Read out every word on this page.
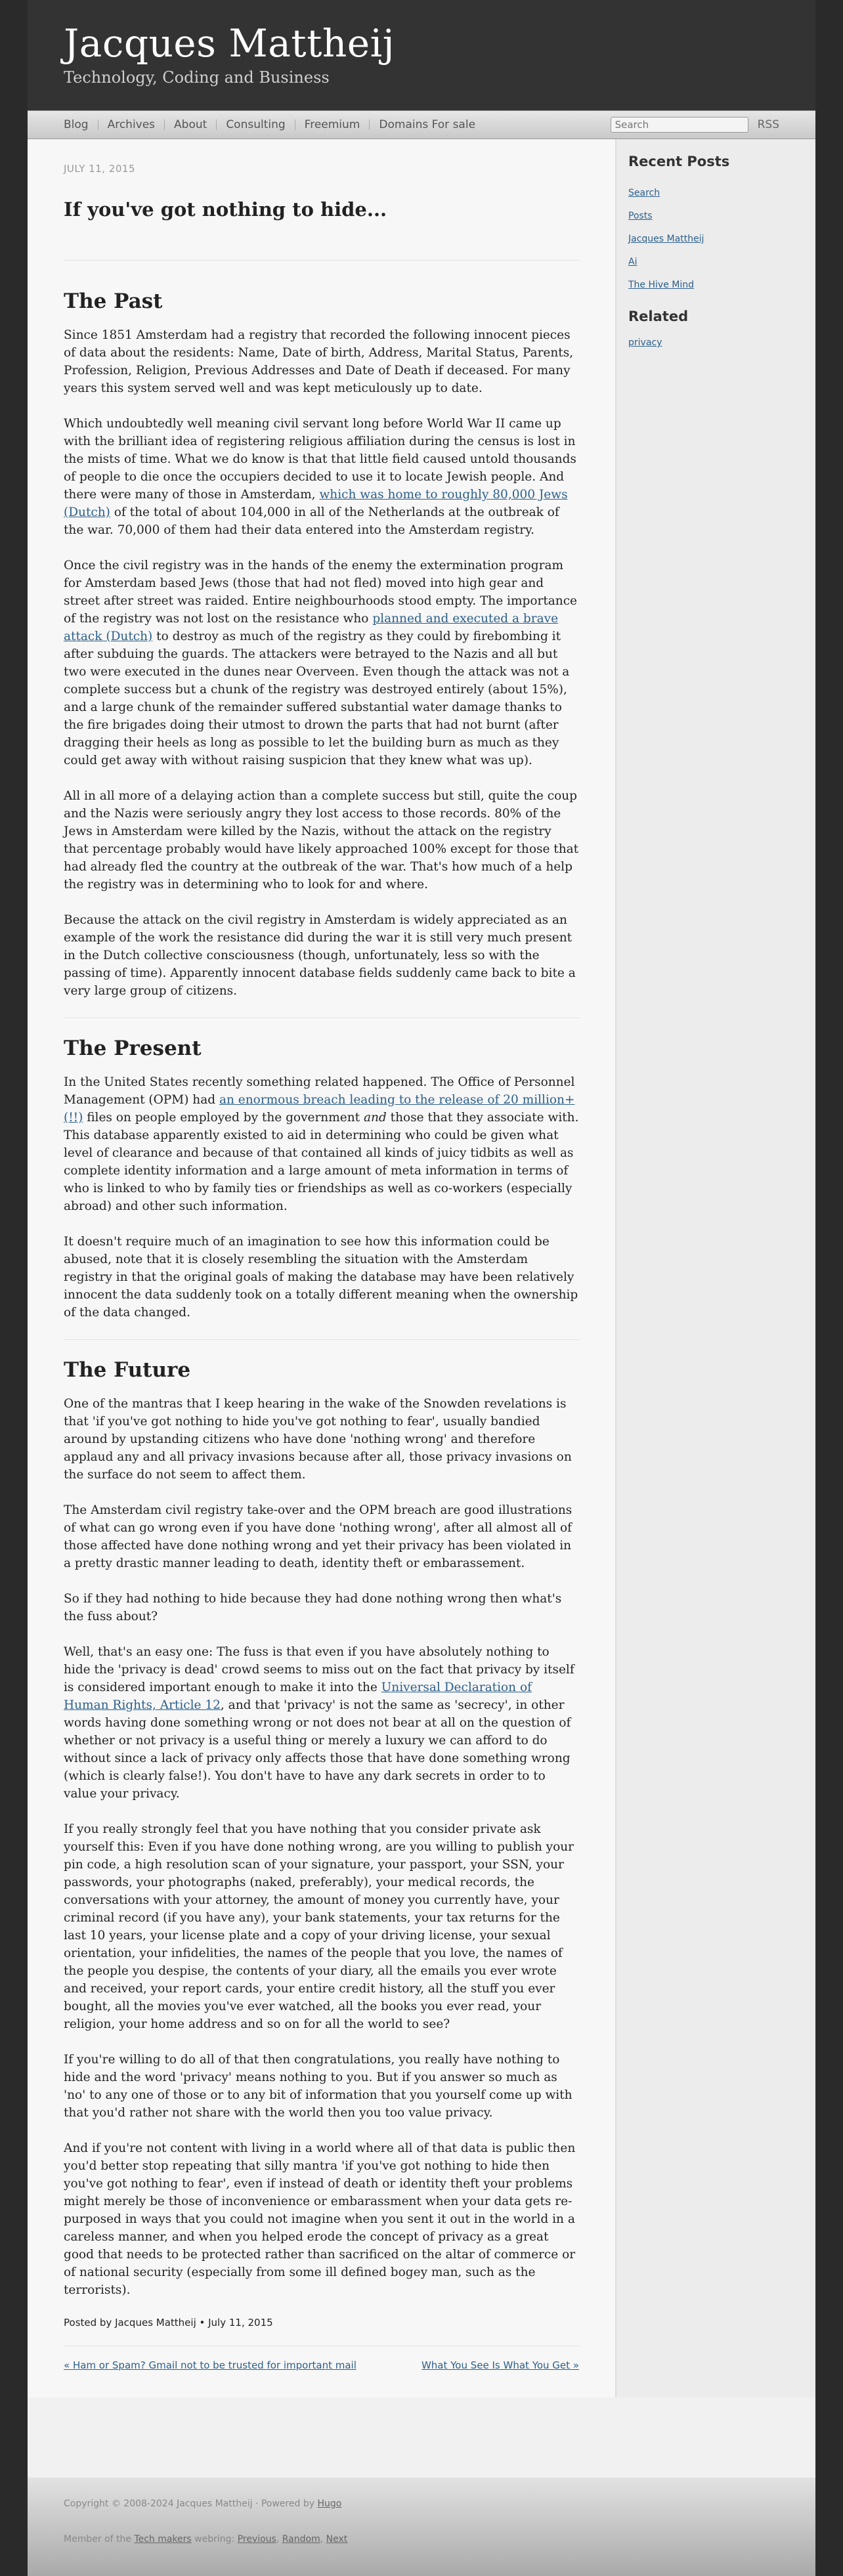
Jacques Mattheij
Technology, Coding and Business
Blog	Archives	About	Consulting	Freemium	Domains For sale
Search	RSS
JULY 11, 2015
If you've got nothing to hide...
The Past

Since 1851 Amsterdam had a registry that recorded the following innocent pieces of data about the residents: Name, Date of birth, Address, Marital Status, Parents, Profession, Religion, Previous Addresses and Date of Death if deceased. For many years this system served well and was kept meticulously up to date.

Which undoubtedly well meaning civil servant long before World War II came up with the brilliant idea of registering religious affiliation during the census is lost in the mists of time. What we do know is that that little field caused untold thousands of people to die once the occupiers decided to use it to locate Jewish people. And there were many of those in Amsterdam, which was home to roughly 80,000 Jews (Dutch) of the total of about 104,000 in all of the Netherlands at the outbreak of the war. 70,000 of them had their data entered into the Amsterdam registry.

Once the civil registry was in the hands of the enemy the extermination program for Amsterdam based Jews (those that had not fled) moved into high gear and street after street was raided. Entire neighbourhoods stood empty. The importance of the registry was not lost on the resistance who planned and executed a brave attack (Dutch) to destroy as much of the registry as they could by firebombing it after subduing the guards. The attackers were betrayed to the Nazis and all but two were executed in the dunes near Overveen. Even though the attack was not a complete success but a chunk of the registry was destroyed entirely (about 15%), and a large chunk of the remainder suffered substantial water damage thanks to the fire brigades doing their utmost to drown the parts that had not burnt (after dragging their heels as long as possible to let the building burn as much as they could get away with without raising suspicion that they knew what was up).

All in all more of a delaying action than a complete success but still, quite the coup and the Nazis were seriously angry they lost access to those records. 80% of the Jews in Amsterdam were killed by the Nazis, without the attack on the registry that percentage probably would have likely approached 100% except for those that had already fled the country at the outbreak of the war. That's how much of a help the registry was in determining who to look for and where.

Because the attack on the civil registry in Amsterdam is widely appreciated as an example of the work the resistance did during the war it is still very much present in the Dutch collective consciousness (though, unfortunately, less so with the passing of time). Apparently innocent database fields suddenly came back to bite a very large group of citizens.

The Present

In the United States recently something related happened. The Office of Personnel Management (OPM) had an enormous breach leading to the release of 20 million+ (!!) files on people employed by the government and those that they associate with. This database apparently existed to aid in determining who could be given what level of clearance and because of that contained all kinds of juicy tidbits as well as complete identity information and a large amount of meta information in terms of who is linked to who by family ties or friendships as well as co-workers (especially abroad) and other such information.

It doesn't require much of an imagination to see how this information could be abused, note that it is closely resembling the situation with the Amsterdam registry in that the original goals of making the database may have been relatively innocent the data suddenly took on a totally different meaning when the ownership of the data changed.

The Future

One of the mantras that I keep hearing in the wake of the Snowden revelations is that 'if you've got nothing to hide you've got nothing to fear', usually bandied around by upstanding citizens who have done 'nothing wrong' and therefore applaud any and all privacy invasions because after all, those privacy invasions on the surface do not seem to affect them.

The Amsterdam civil registry take-over and the OPM breach are good illustrations of what can go wrong even if you have done 'nothing wrong', after all almost all of those affected have done nothing wrong and yet their privacy has been violated in a pretty drastic manner leading to death, identity theft or embarassement.

So if they had nothing to hide because they had done nothing wrong then what's the fuss about?

Well, that's an easy one: The fuss is that even if you have absolutely nothing to hide the 'privacy is dead' crowd seems to miss out on the fact that privacy by itself is considered important enough to make it into the Universal Declaration of Human Rights, Article 12, and that 'privacy' is not the same as 'secrecy', in other words having done something wrong or not does not bear at all on the question of whether or not privacy is a useful thing or merely a luxury we can afford to do without since a lack of privacy only affects those that have done something wrong (which is clearly false!). You don't have to have any dark secrets in order to to value your privacy.

If you really strongly feel that you have nothing that you consider private ask yourself this: Even if you have done nothing wrong, are you willing to publish your pin code, a high resolution scan of your signature, your passport, your SSN, your passwords, your photographs (naked, preferably), your medical records, the conversations with your attorney, the amount of money you currently have, your criminal record (if you have any), your bank statements, your tax returns for the last 10 years, your license plate and a copy of your driving license, your sexual orientation, your infidelities, the names of the people that you love, the names of the people you despise, the contents of your diary, all the emails you ever wrote and received, your report cards, your entire credit history, all the stuff you ever bought, all the movies you've ever watched, all the books you ever read, your religion, your home address and so on for all the world to see?

If you're willing to do all of that then congratulations, you really have nothing to hide and the word 'privacy' means nothing to you. But if you answer so much as 'no' to any one of those or to any bit of information that you yourself come up with that you'd rather not share with the world then you too value privacy.

And if you're not content with living in a world where all of that data is public then you'd better stop repeating that silly mantra 'if you've got nothing to hide then you've got nothing to fear', even if instead of death or identity theft your problems might merely be those of inconvenience or embarassment when your data gets re-purposed in ways that you could not imagine when you sent it out in the world in a careless manner, and when you helped erode the concept of privacy as a great good that needs to be protected rather than sacrificed on the altar of commerce or of national security (especially from some ill defined bogey man, such as the terrorists).

Posted by Jacques Mattheij • July 11, 2015
« Ham or Spam? Gmail not to be trusted for important mail	What You See Is What You Get »
Recent Posts
Search
Posts
Jacques Mattheij
Ai
The Hive Mind
Related
privacy
Copyright © 2008-2024 Jacques Mattheij · Powered by Hugo
Member of the Tech makers webring: Previous, Random, Next
